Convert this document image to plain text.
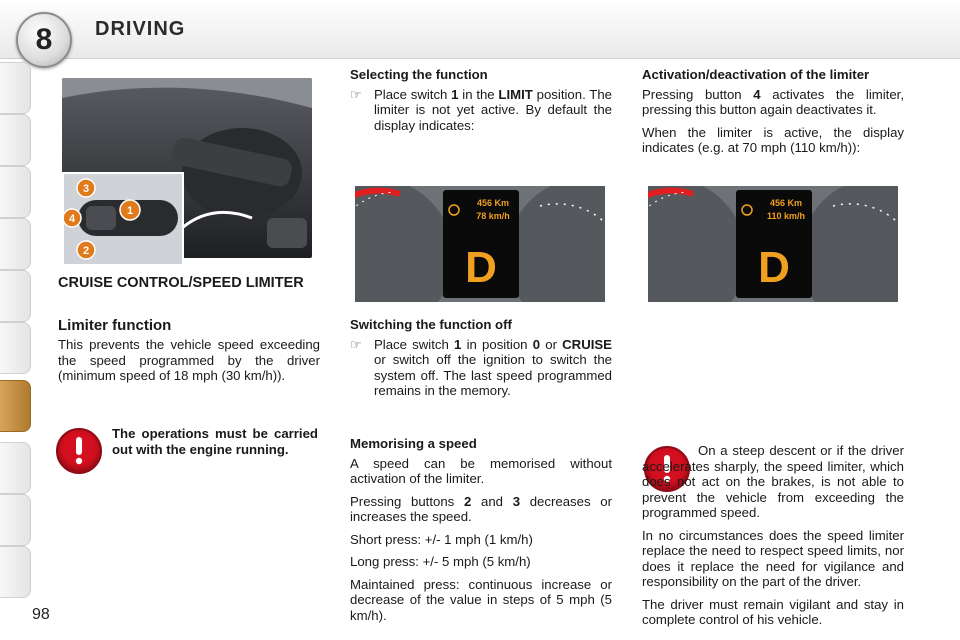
8 DRIVING
1
3
4
2
CRUISE CONTROL/SPEED LIMITER
Limiter function

This prevents the vehicle speed exceeding the speed programmed by the driver (minimum speed of 18 mph (30 km/h)).

The operations must be carried out with the engine running.

Selecting the function
☞ Place switch 1 in the LIMIT position. The limiter is not yet active. By default the display indicates:
456 Km
78 km/h
D
Switching the function off
☞ Place switch 1 in position 0 or CRUISE or switch off the ignition to switch the system off. The last speed programmed remains in the memory.
Memorising a speed

A speed can be memorised without activation of the limiter.

Pressing buttons 2 and 3 decreases or increases the speed.

Short press: +/- 1 mph (1 km/h)

Long press: +/- 5 mph (5 km/h)

Maintained press: continuous increase or decrease of the value in steps of 5 mph (5 km/h).

Activation/deactivation of the limiter

Pressing button 4 activates the limiter, pressing this button again deactivates it.

When the limiter is active, the display indicates (e.g. at 70 mph (110 km/h)):

456 Km
110 km/h
D

On a steep descent or if the driver accelerates sharply, the speed limiter, which does not act on the brakes, is not able to prevent the vehicle from exceeding the programmed speed.

In no circumstances does the speed limiter replace the need to respect speed limits, nor does it replace the need for vigilance and responsibility on the part of the driver.

The driver must remain vigilant and stay in complete control of his vehicle.

98
